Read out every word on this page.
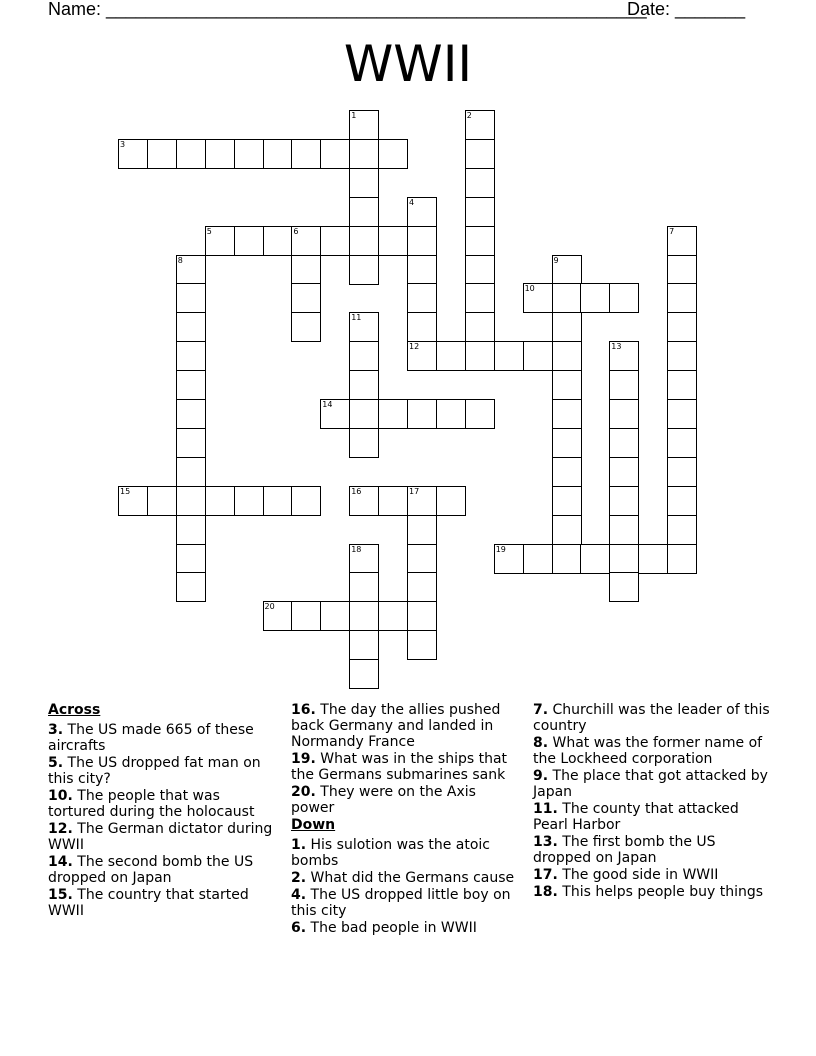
Name: ______________________________________________________
Date: _______
WWII
1	2
3
4
5	6	7
8	9
10
11
12	13
14
15	16	17
18	19
20
Across
3. The US made 665 of these aircrafts
5. The US dropped fat man on this city?
10. The people that was tortured during the holocaust
12. The German dictator during WWII
14. The second bomb the US dropped on Japan
15. The country that started WWII
16. The day the allies pushed back Germany and landed in Normandy France
19. What was in the ships that the Germans submarines sank
20. They were on the Axis power
Down
1. His sulotion was the atoic bombs
2. What did the Germans cause
4. The US dropped little boy on this city
6. The bad people in WWII
7. Churchill was the leader of this country
8. What was the former name of the Lockheed corporation
9. The place that got attacked by Japan
11. The county that attacked Pearl Harbor
13. The first bomb the US dropped on Japan
17. The good side in WWII
18. This helps people buy things
